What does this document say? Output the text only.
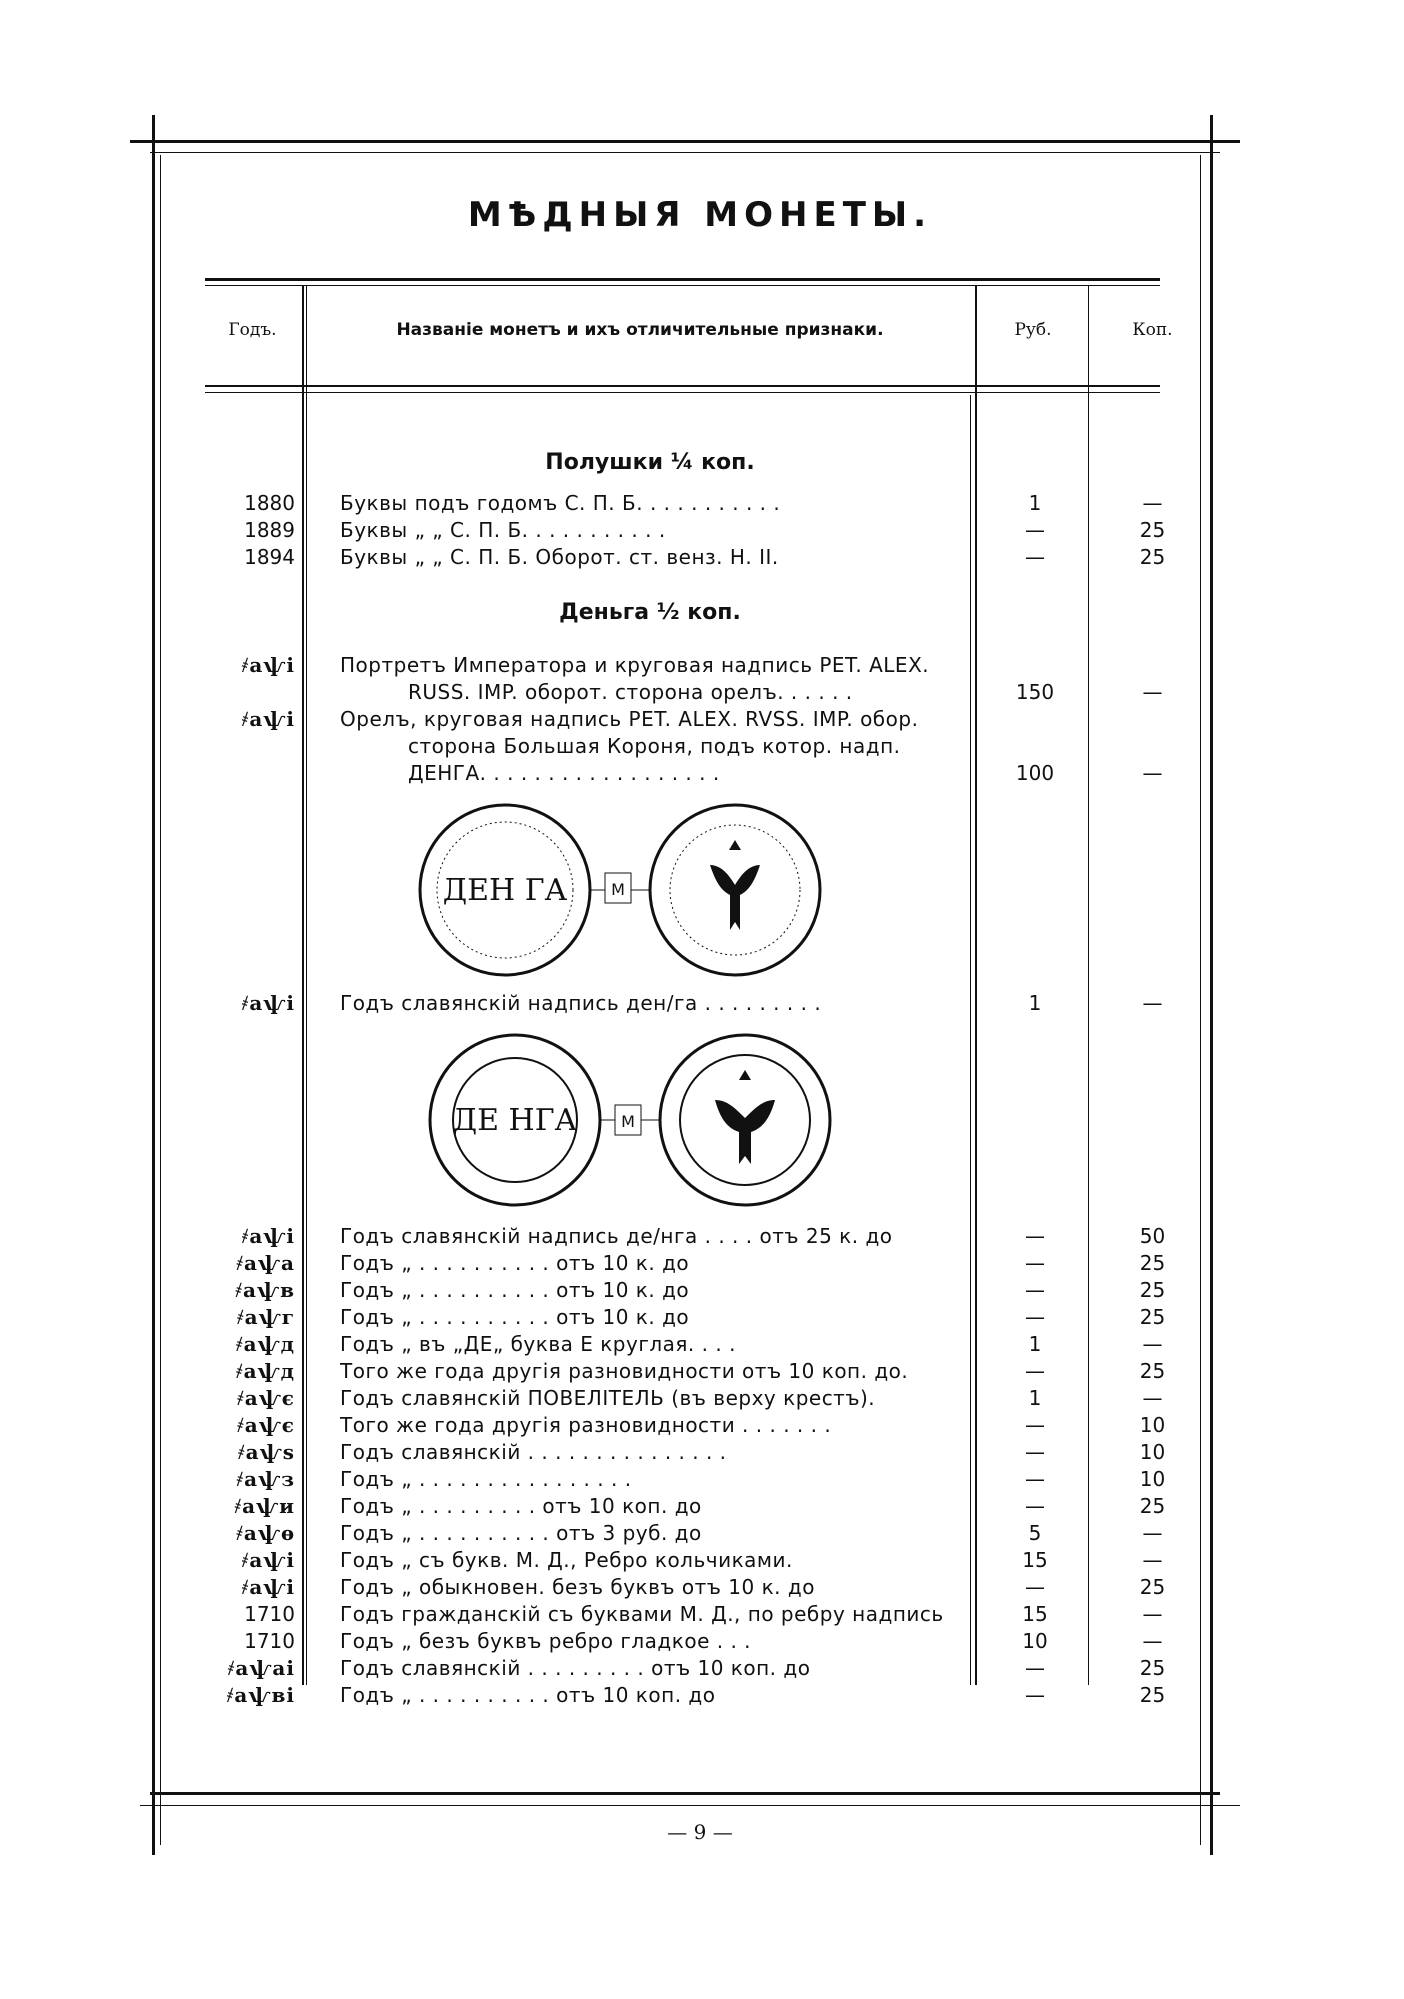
МѢДНЫЯ МОНЕТЫ.
Годъ.	Названіе монетъ и ихъ отличительные признаки.	Руб.	Коп.
Полушки ¼ коп.
Деньга ½ коп.
1880 Буквы подъ годомъ С. П. Б. . . . . . . . . . .	1	—
1889 Буквы „ „ С. П. Б. . . . . . . . . . .	—	25
1894 Буквы „ „ С. П. Б. Оборот. ст. венз. Н. II.	—	25
҂аѱі Портретъ Императора и круговая надпись PET. ALEX.
RUSS. IMP. оборот. сторона орелъ. . . . . .	150	—
҂аѱі Орелъ, круговая надпись PET. ALEX. RVSS. IMP. обор.
сторона Большая Короня, подъ котор. надп.
ДЕНГА. . . . . . . . . . . . . . . . . .	100	—
ДЕН ГА	M
҂аѱі Годъ славянскій надпись ден/га . . . . . . . . .	1	—
ДЕ НГА	M
҂аѱі Годъ славянскій надпись де/нга . . . . отъ 25 к. до	—	50
҂аѱа Годъ „ . . . . . . . . . . отъ 10 к. до	—	25
҂аѱв Годъ „ . . . . . . . . . . отъ 10 к. до	—	25
҂аѱг Годъ „ . . . . . . . . . . отъ 10 к. до	—	25
҂аѱд Годъ „ въ „ДЕ„ буква Е круглая. . . .	1	—
҂аѱд Того же года другія разновидности отъ 10 коп. до.	—	25
҂аѱє Годъ славянскій ПОВЕЛІТЕЛЬ (въ верху крестъ).	1	—
҂аѱє Того же года другія разновидности . . . . . . .	—	10
҂аѱѕ Годъ славянскій . . . . . . . . . . . . . . .	—	10
҂аѱз Годъ „ . . . . . . . . . . . . . . . .	—	10
҂аѱи Годъ „ . . . . . . . . . отъ 10 коп. до	—	25
҂аѱѳ Годъ „ . . . . . . . . . . отъ 3 руб. до	5	—
҂аѱі Годъ „ съ букв. М. Д., Ребро кольчиками.	15	—
҂аѱі Годъ „ обыкновен. безъ буквъ отъ 10 к. до	—	25
1710 Годъ гражданскій съ буквами М. Д., по ребру надпись	15	—
1710 Годъ „ безъ буквъ ребро гладкое . . .	10	—
҂аѱаі Годъ славянскій . . . . . . . . . отъ 10 коп. до	—	25
҂аѱві Годъ „ . . . . . . . . . . отъ 10 коп. до	—	25
— 9 —
